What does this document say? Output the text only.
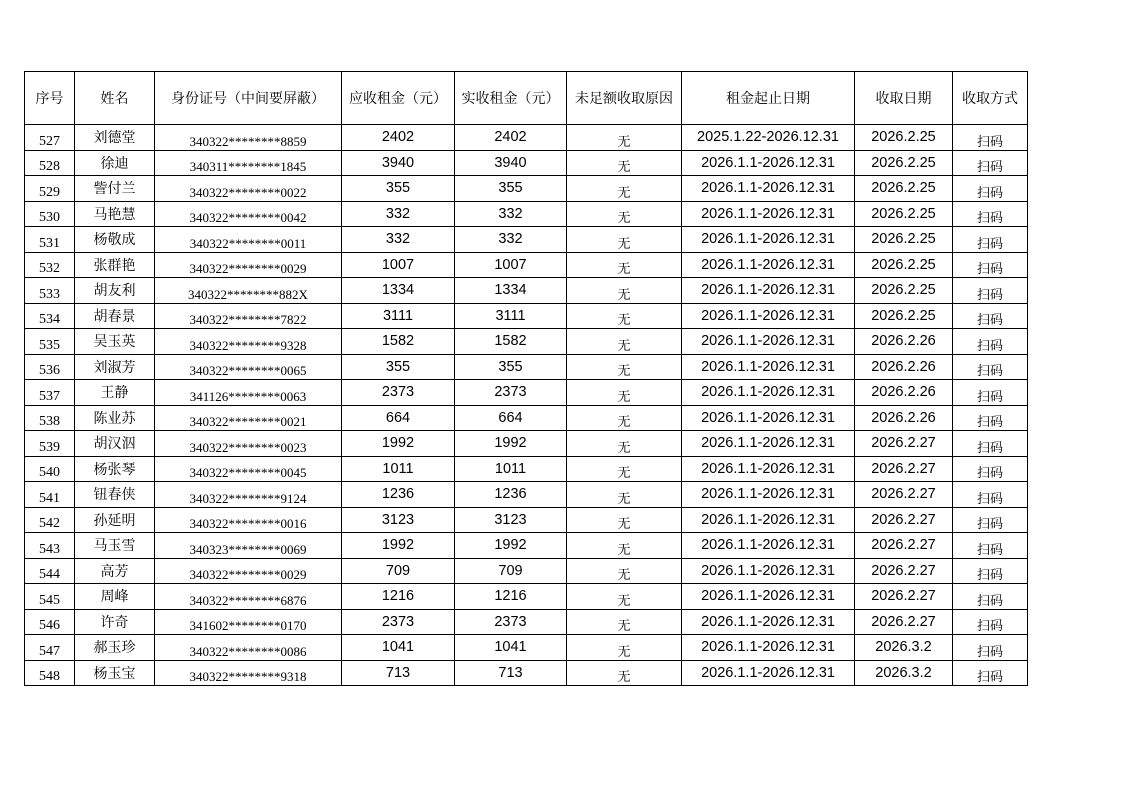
序号	姓名	身份证号（中间要屏蔽）	应收租金（元）	实收租金（元）	未足额收取原因	租金起止日期	收取日期	收取方式
527	刘德堂	340322********8859	2402	2402	无	2025.1.22-2026.12.31	2026.2.25	扫码
528	徐迪	340311********1845	3940	3940	无	2026.1.1-2026.12.31	2026.2.25	扫码
529	訾付兰	340322********0022	355	355	无	2026.1.1-2026.12.31	2026.2.25	扫码
530	马艳慧	340322********0042	332	332	无	2026.1.1-2026.12.31	2026.2.25	扫码
531	杨敬成	340322********0011	332	332	无	2026.1.1-2026.12.31	2026.2.25	扫码
532	张群艳	340322********0029	1007	1007	无	2026.1.1-2026.12.31	2026.2.25	扫码
533	胡友利	340322********882X	1334	1334	无	2026.1.1-2026.12.31	2026.2.25	扫码
534	胡春景	340322********7822	3111	3111	无	2026.1.1-2026.12.31	2026.2.25	扫码
535	吴玉英	340322********9328	1582	1582	无	2026.1.1-2026.12.31	2026.2.26	扫码
536	刘淑芳	340322********0065	355	355	无	2026.1.1-2026.12.31	2026.2.26	扫码
537	王静	341126********0063	2373	2373	无	2026.1.1-2026.12.31	2026.2.26	扫码
538	陈业苏	340322********0021	664	664	无	2026.1.1-2026.12.31	2026.2.26	扫码
539	胡汉泅	340322********0023	1992	1992	无	2026.1.1-2026.12.31	2026.2.27	扫码
540	杨张琴	340322********0045	1011	1011	无	2026.1.1-2026.12.31	2026.2.27	扫码
541	钮春侠	340322********9124	1236	1236	无	2026.1.1-2026.12.31	2026.2.27	扫码
542	孙延明	340322********0016	3123	3123	无	2026.1.1-2026.12.31	2026.2.27	扫码
543	马玉雪	340323********0069	1992	1992	无	2026.1.1-2026.12.31	2026.2.27	扫码
544	高芳	340322********0029	709	709	无	2026.1.1-2026.12.31	2026.2.27	扫码
545	周峰	340322********6876	1216	1216	无	2026.1.1-2026.12.31	2026.2.27	扫码
546	许奇	341602********0170	2373	2373	无	2026.1.1-2026.12.31	2026.2.27	扫码
547	郝玉珍	340322********0086	1041	1041	无	2026.1.1-2026.12.31	2026.3.2	扫码
548	杨玉宝	340322********9318	713	713	无	2026.1.1-2026.12.31	2026.3.2	扫码
